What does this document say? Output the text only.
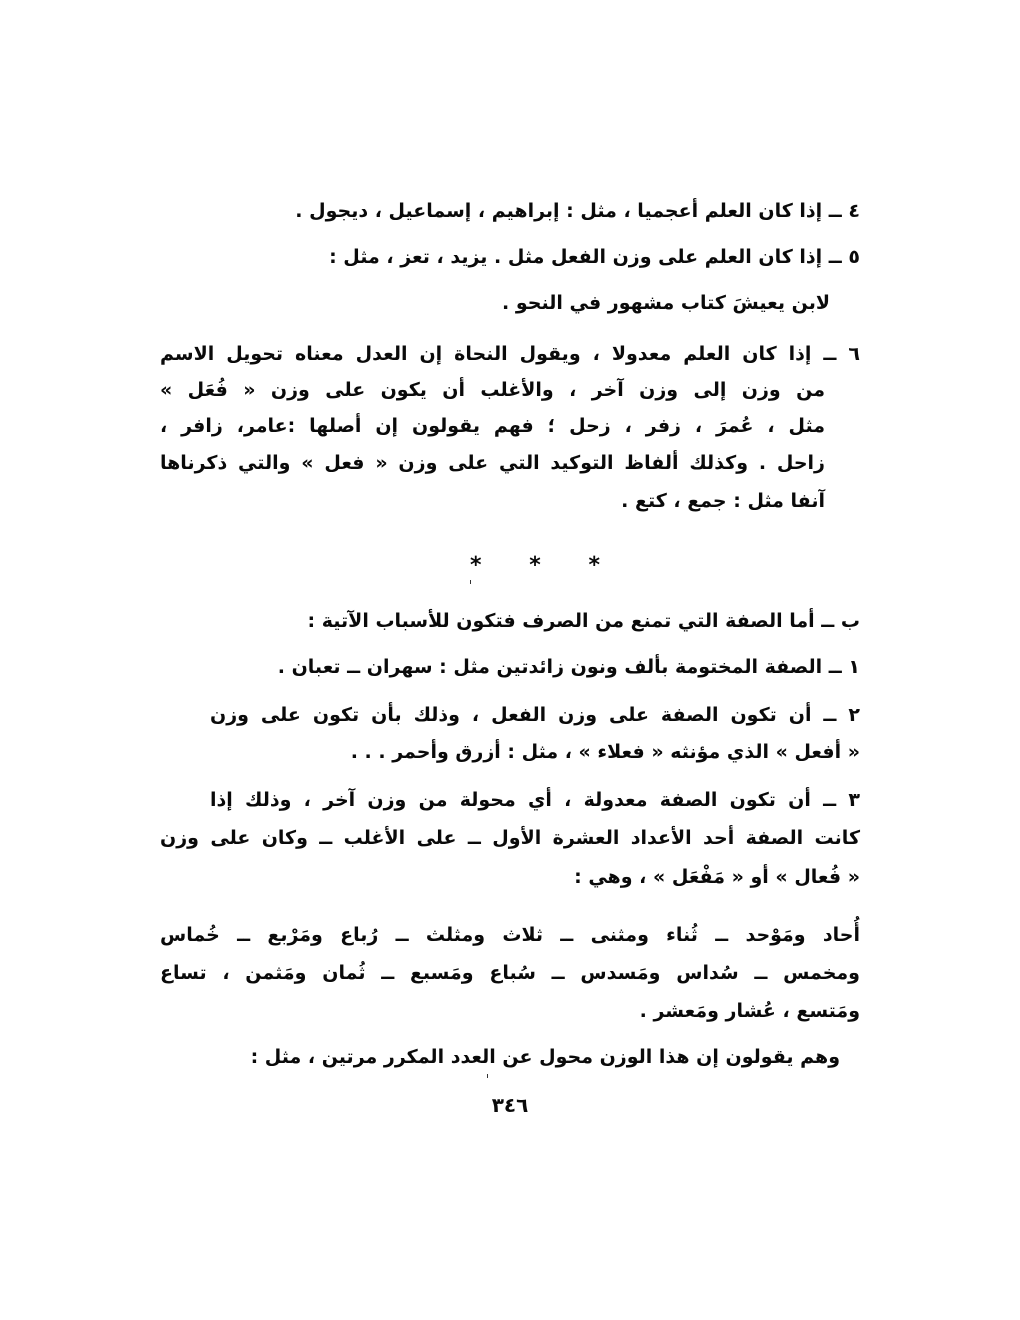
٤ ــ إذا كان العلم أعجميا ، مثل : إبراهيم ، إسماعيل ، ديجول .
٥ ــ إذا كان العلم على وزن الفعل مثل . يزيد ، تعز ، مثل :
لابن يعيشَ كتاب مشهور في النحو .
٦ ــ إذا كان العلم معدولا ، ويقول النحاة إن العدل معناه تحويل الاسم
من وزن إلى وزن آخر ، والأغلب أن يكون على وزن « فُعَل »
مثل ، عُمرَ ، زفر ، زحل ؛ فهم يقولون إن أصلها :عامر، زافر ،
زاحل . وكذلك ألفاظ التوكيد التي على وزن « فعل » والتي ذكرناها
آنفا مثل : جمع ، كتع .
* * *
ب ــ أما الصفة التي تمنع من الصرف فتكون للأسباب الآتية :
١ ــ الصفة المختومة بألف ونون زائدتين مثل : سهران ــ تعبان .
٢ ــ أن تكون الصفة على وزن الفعل ، وذلك بأن تكون على وزن
« أفعل » الذي مؤنثه « فعلاء » ، مثل : أزرق وأحمر . . .
٣ ــ أن تكون الصفة معدولة ، أي محولة من وزن آخر ، وذلك إذا
كانت الصفة أحد الأعداد العشرة الأول ــ على الأغلب ــ وكان على وزن
« فُعال » أو « مَفْعَل » ، وهي :
أُحاد ومَوْحد ــ ثُناء ومثنى ــ ثلاث ومثلث ــ رُباع ومَرْبع ــ خُماس
ومخمس ــ سُداس ومَسدس ــ سُباع ومَسبع ــ ثُمان ومَثمن ، تساع
ومَتسع ، عُشار ومَعشر .
وهم يقولون إن هذا الوزن محول عن العدد المكرر مرتين ، مثل :
٣٤٦
